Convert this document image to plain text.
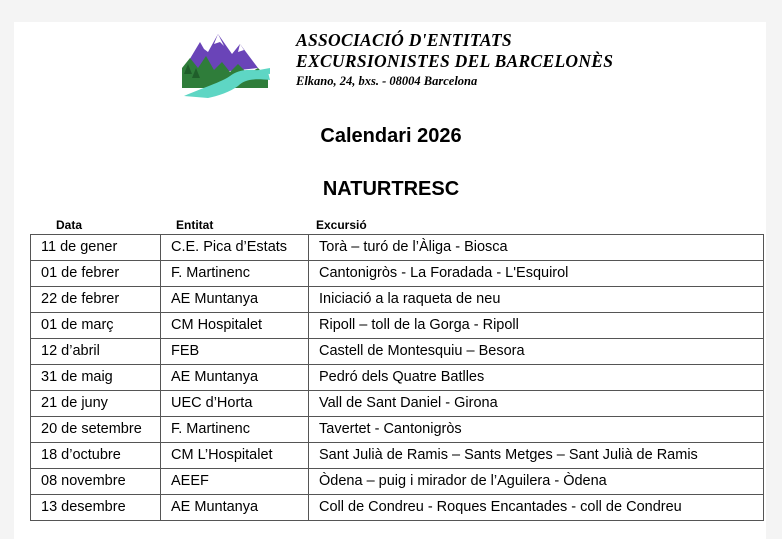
ASSOCIACIÓ D'ENTITATS
EXCURSIONISTES DEL BARCELONÈS
Elkano, 24, bxs. - 08004 Barcelona
Calendari 2026
NATURTRESC
Data	Entitat	Excursió
11 de gener	C.E. Pica d’Estats	Torà – turó de l’Àliga - Biosca
01 de febrer	F. Martinenc	Cantonigròs - La Foradada - L'Esquirol
22 de febrer	AE Muntanya	Iniciació a la raqueta de neu
01 de març	CM Hospitalet	Ripoll – toll de la Gorga - Ripoll
12 d’abril	FEB	Castell de Montesquiu – Besora
31 de maig	AE Muntanya	Pedró dels Quatre Batlles
21 de juny	UEC d’Horta	Vall de Sant Daniel - Girona
20 de setembre	F. Martinenc	Tavertet - Cantonigròs
18 d’octubre	CM L’Hospitalet	Sant Julià de Ramis – Sants Metges – Sant Julià de Ramis
08 novembre	AEEF	Òdena – puig i mirador de l’Aguilera - Òdena
13 desembre	AE Muntanya	Coll de Condreu - Roques Encantades - coll de Condreu
